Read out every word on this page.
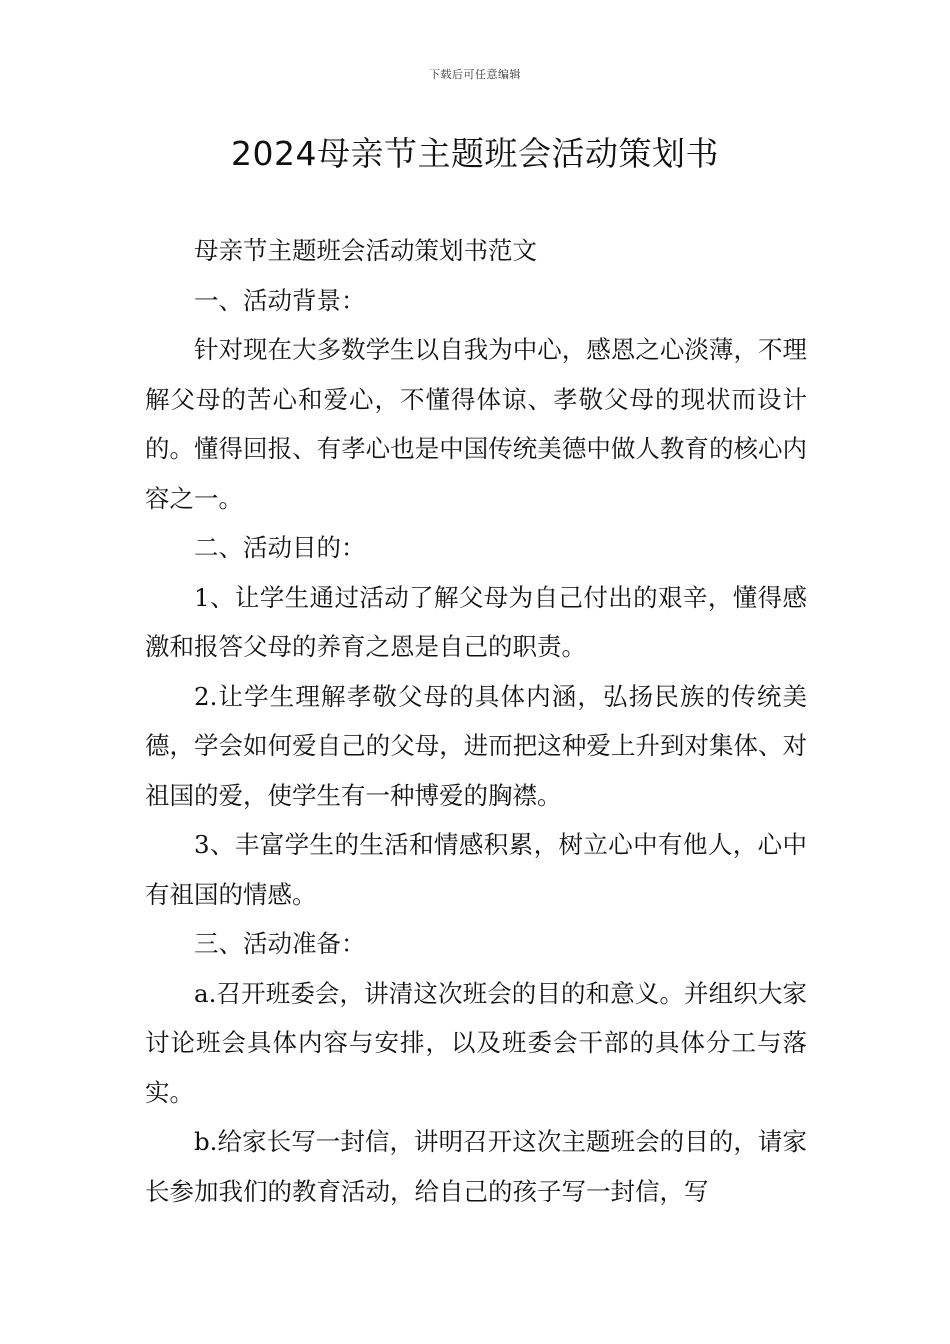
下载后可任意编辑
2024母亲节主题班会活动策划书

母亲节主题班会活动策划书范文

一、活动背景：

针对现在大多数学生以自我为中心，感恩之心淡薄，不理解父母的苦心和爱心，不懂得体谅、孝敬父母的现状而设计的。懂得回报、有孝心也是中国传统美德中做人教育的核心内容之一。

二、活动目的：

1、让学生通过活动了解父母为自己付出的艰辛，懂得感激和报答父母的养育之恩是自己的职责。

2.让学生理解孝敬父母的具体内涵，弘扬民族的传统美德，学会如何爱自己的父母，进而把这种爱上升到对集体、对祖国的爱，使学生有一种博爱的胸襟。

3、丰富学生的生活和情感积累，树立心中有他人，心中有祖国的情感。

三、活动准备：

a.召开班委会，讲清这次班会的目的和意义。并组织大家讨论班会具体内容与安排，以及班委会干部的具体分工与落实。

b.给家长写一封信，讲明召开这次主题班会的目的，请家长参加我们的教育活动，给自己的孩子写一封信，写
